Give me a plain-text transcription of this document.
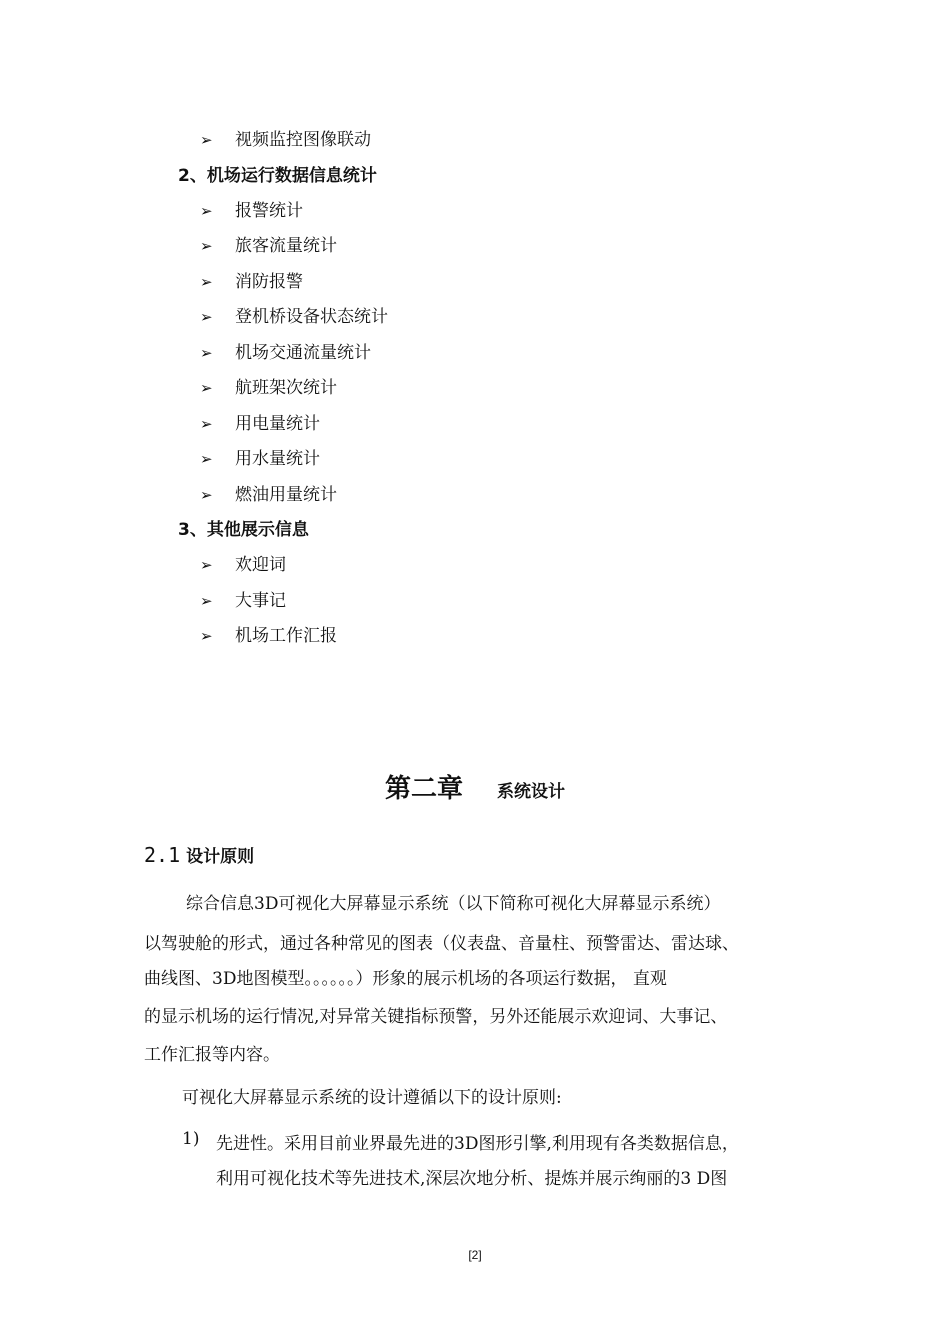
➢ 视频监控图像联动
2、机场运行数据信息统计
➢ 报警统计
➢ 旅客流量统计
➢ 消防报警
➢ 登机桥设备状态统计
➢ 机场交通流量统计
➢ 航班架次统计
➢ 用电量统计
➢ 用水量统计
➢ 燃油用量统计
3、其他展示信息
➢ 欢迎词
➢ 大事记
➢ 机场工作汇报
第二章 系统设计
2.1 设计原则
综合信息3D可视化大屏幕显示系统（以下简称可视化大屏幕显示系统）
以驾驶舱的形式，通过各种常见的图表（仪表盘、音量柱、预警雷达、雷达球、
曲线图、3D地图模型。。。。。。）形象的展示机场的各项运行数据， 直观
的显示机场的运行情况,对异常关键指标预警，另外还能展示欢迎词、大事记、
工作汇报等内容。
可视化大屏幕显示系统的设计遵循以下的设计原则:
1) 先进性。采用目前业界最先进的3D图形引擎,利用现有各类数据信息，
利用可视化技术等先进技术,深层次地分析、提炼并展示绚丽的3 D图
[2]
